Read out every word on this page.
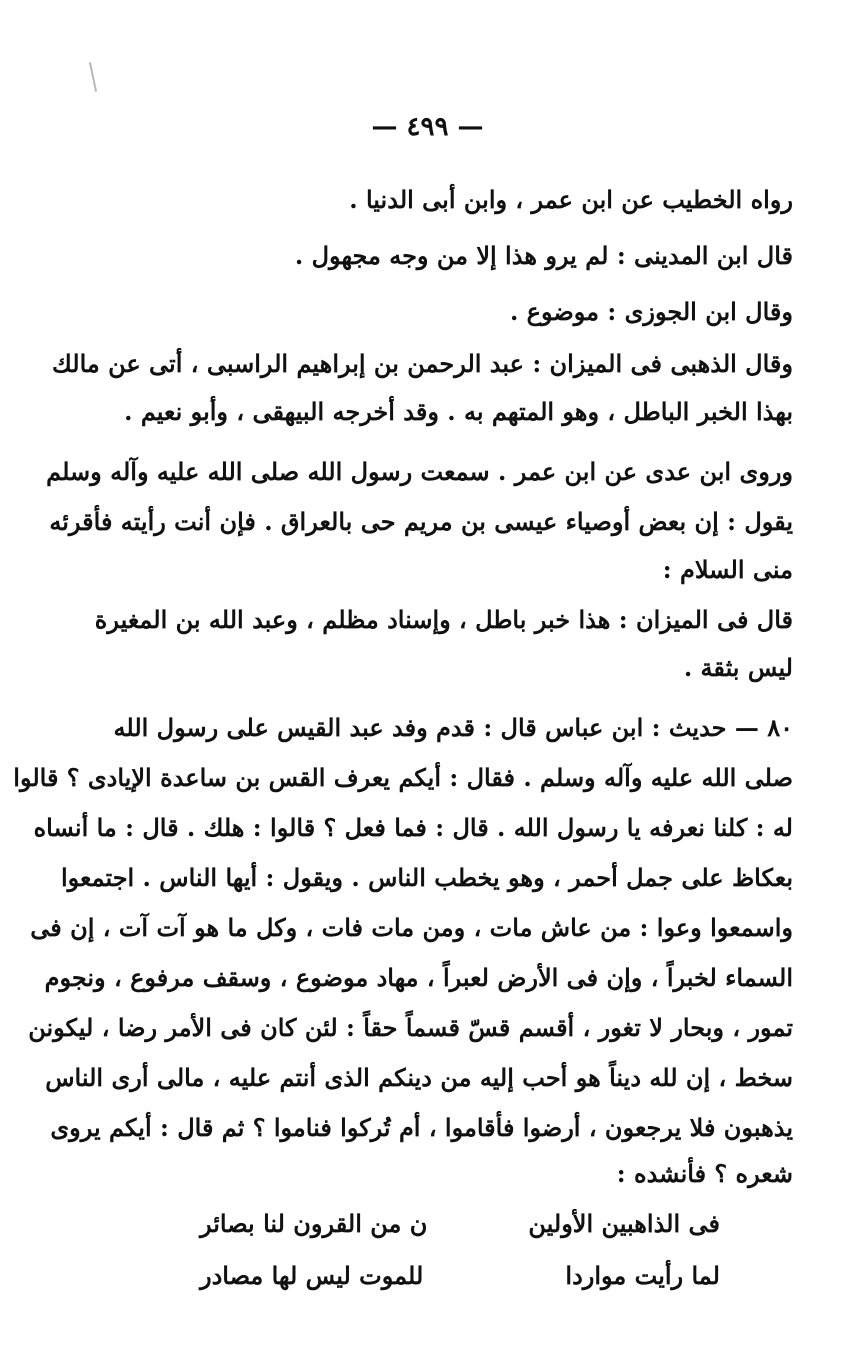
— ٤٩٩ —
رواه الخطيب عن ابن عمر ، وابن أبى الدنيا .
قال ابن المدينى : لم يرو هذا إلا من وجه مجهول .
وقال ابن الجوزى : موضوع .
وقال الذهبى فى الميزان : عبد الرحمن بن إبراهيم الراسبى ، أتى عن مالك
بهذا الخبر الباطل ، وهو المتهم به . وقد أخرجه البيهقى ، وأبو نعيم .
وروى ابن عدى عن ابن عمر . سمعت رسول الله صلى الله عليه وآله وسلم
يقول : إن بعض أوصياء عيسى بن مريم حى بالعراق . فإن أنت رأيته فأقرئه
منى السلام :
قال فى الميزان : هذا خبر باطل ، وإسناد مظلم ، وعبد الله بن المغيرة
ليس بثقة .
٨٠ — حديث : ابن عباس قال : قدم وفد عبد القيس على رسول الله
صلى الله عليه وآله وسلم . فقال : أيكم يعرف القس بن ساعدة الإيادى ؟ قالوا
له : كلنا نعرفه يا رسول الله . قال : فما فعل ؟ قالوا : هلك . قال : ما أنساه
بعكاظ على جمل أحمر ، وهو يخطب الناس . ويقول : أيها الناس . اجتمعوا
واسمعوا وعوا : من عاش مات ، ومن مات فات ، وكل ما هو آت آت ، إن فى
السماء لخبراً ، وإن فى الأرض لعبراً ، مهاد موضوع ، وسقف مرفوع ، ونجوم
تمور ، وبحار لا تغور ، أقسم قسّ قسماً حقاً : لئن كان فى الأمر رضا ، ليكونن
سخط ، إن لله ديناً هو أحب إليه من دينكم الذى أنتم عليه ، مالى أرى الناس
يذهبون فلا يرجعون ، أرضوا فأقاموا ، أم تُركوا فناموا ؟ ثم قال : أيكم يروى
شعره ؟ فأنشده :
فى الذاهبين الأولين
ن من القرون لنا بصائر
لما رأيت مواردا
للموت ليس لها مصادر
